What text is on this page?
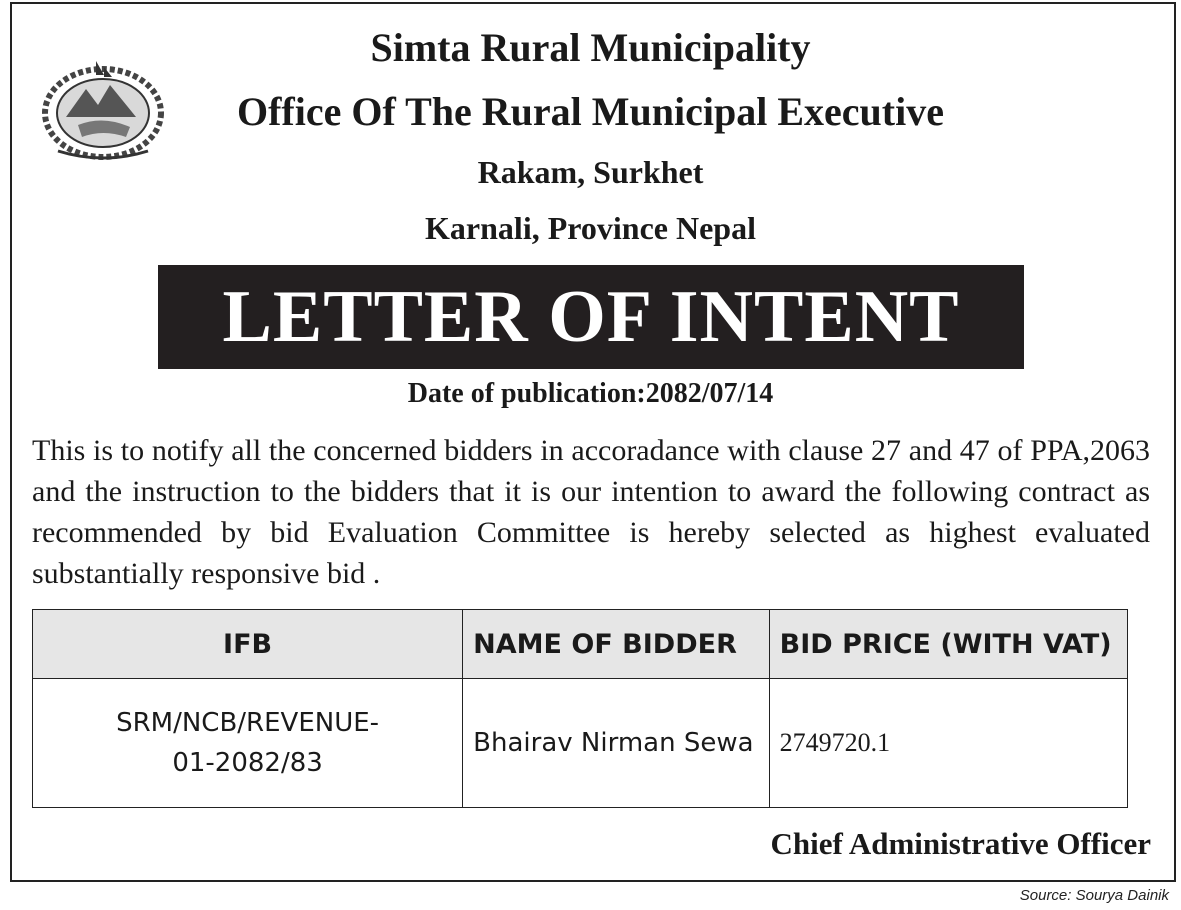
Simta Rural Municipality
Office Of The Rural Municipal Executive
Rakam, Surkhet
Karnali, Province Nepal
LETTER OF INTENT
Date of publication:2082/07/14
This is to notify all the concerned bidders in accoradance with clause 27 and 47 of PPA,2063 and the instruction to the bidders that it is our intention to award the following contract as recommended by bid Evaluation Committee is hereby selected as highest evaluated substantially responsive bid .
IFB	NAME OF BIDDER	BID PRICE (WITH VAT)

SRM/NCB/REVENUE-
01-2082/83	Bhairav Nirman Sewa	2749720.1
Chief Administrative Officer
Source: Sourya Dainik
